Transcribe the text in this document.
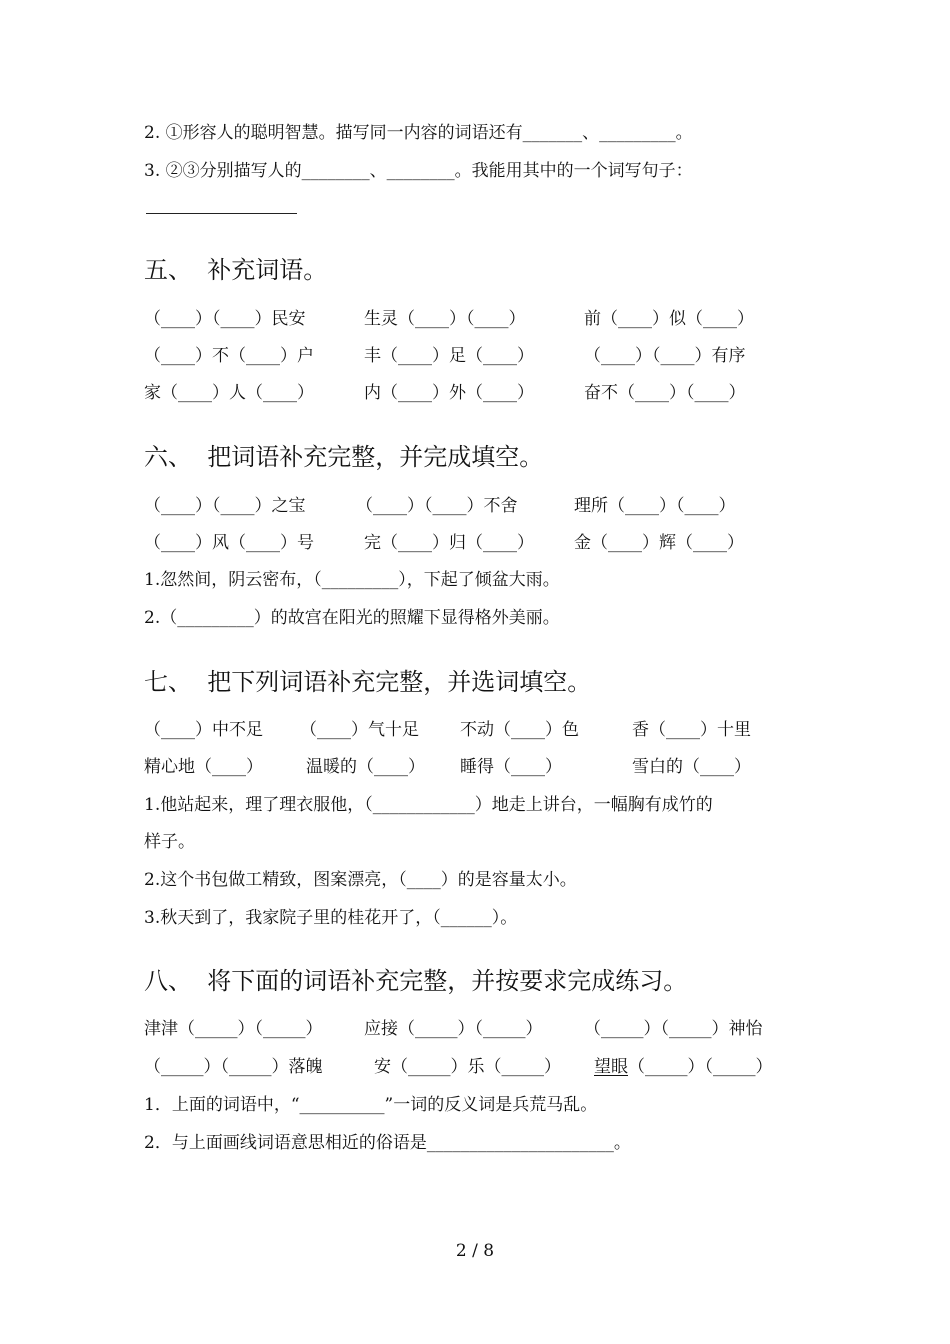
2. ①形容人的聪明智慧。描写同一内容的词语还有_______、_________。
3. ②③分别描写人的________、________。我能用其中的一个词写句子：
五、  补充词语。
（____）（____）民安	生灵（____）（____）	前（____）似（____）
（____）不（____）户	丰（____）足（____）	（____）（____）有序
家（____）人（____）	内（____）外（____）	奋不（____）（____）
六、  把词语补充完整，并完成填空。
（____）（____）之宝	（____）（____）不舍	理所（____）（____）
（____）风（____）号	完（____）归（____） 金（____）辉（____）
1.忽然间，阴云密布，（_________），下起了倾盆大雨。
2.（_________）的故宫在阳光的照耀下显得格外美丽。
七、  把下列词语补充完整，并选词填空。
（____）中不足 （____）气十足 不动（____）色	香（____）十里
精心地（____）	温暖的（____） 睡得（____）	雪白的（____）
1.他站起来，理了理衣服他，（____________）地走上讲台，一幅胸有成竹的
样子。
2.这个书包做工精致，图案漂亮，（____）的是容量太小。
3.秋天到了，我家院子里的桂花开了，（______）。
八、  将下面的词语补充完整，并按要求完成练习。
津津（_____）（_____） 应接（_____）（_____） （_____）（_____）神怡
（_____）（_____）落魄	安（_____）乐（_____） 望眼（_____）（_____）
1．上面的词语中，“__________”一词的反义词是兵荒马乱。
2．与上面画线词语意思相近的俗语是______________________。
2 / 8
